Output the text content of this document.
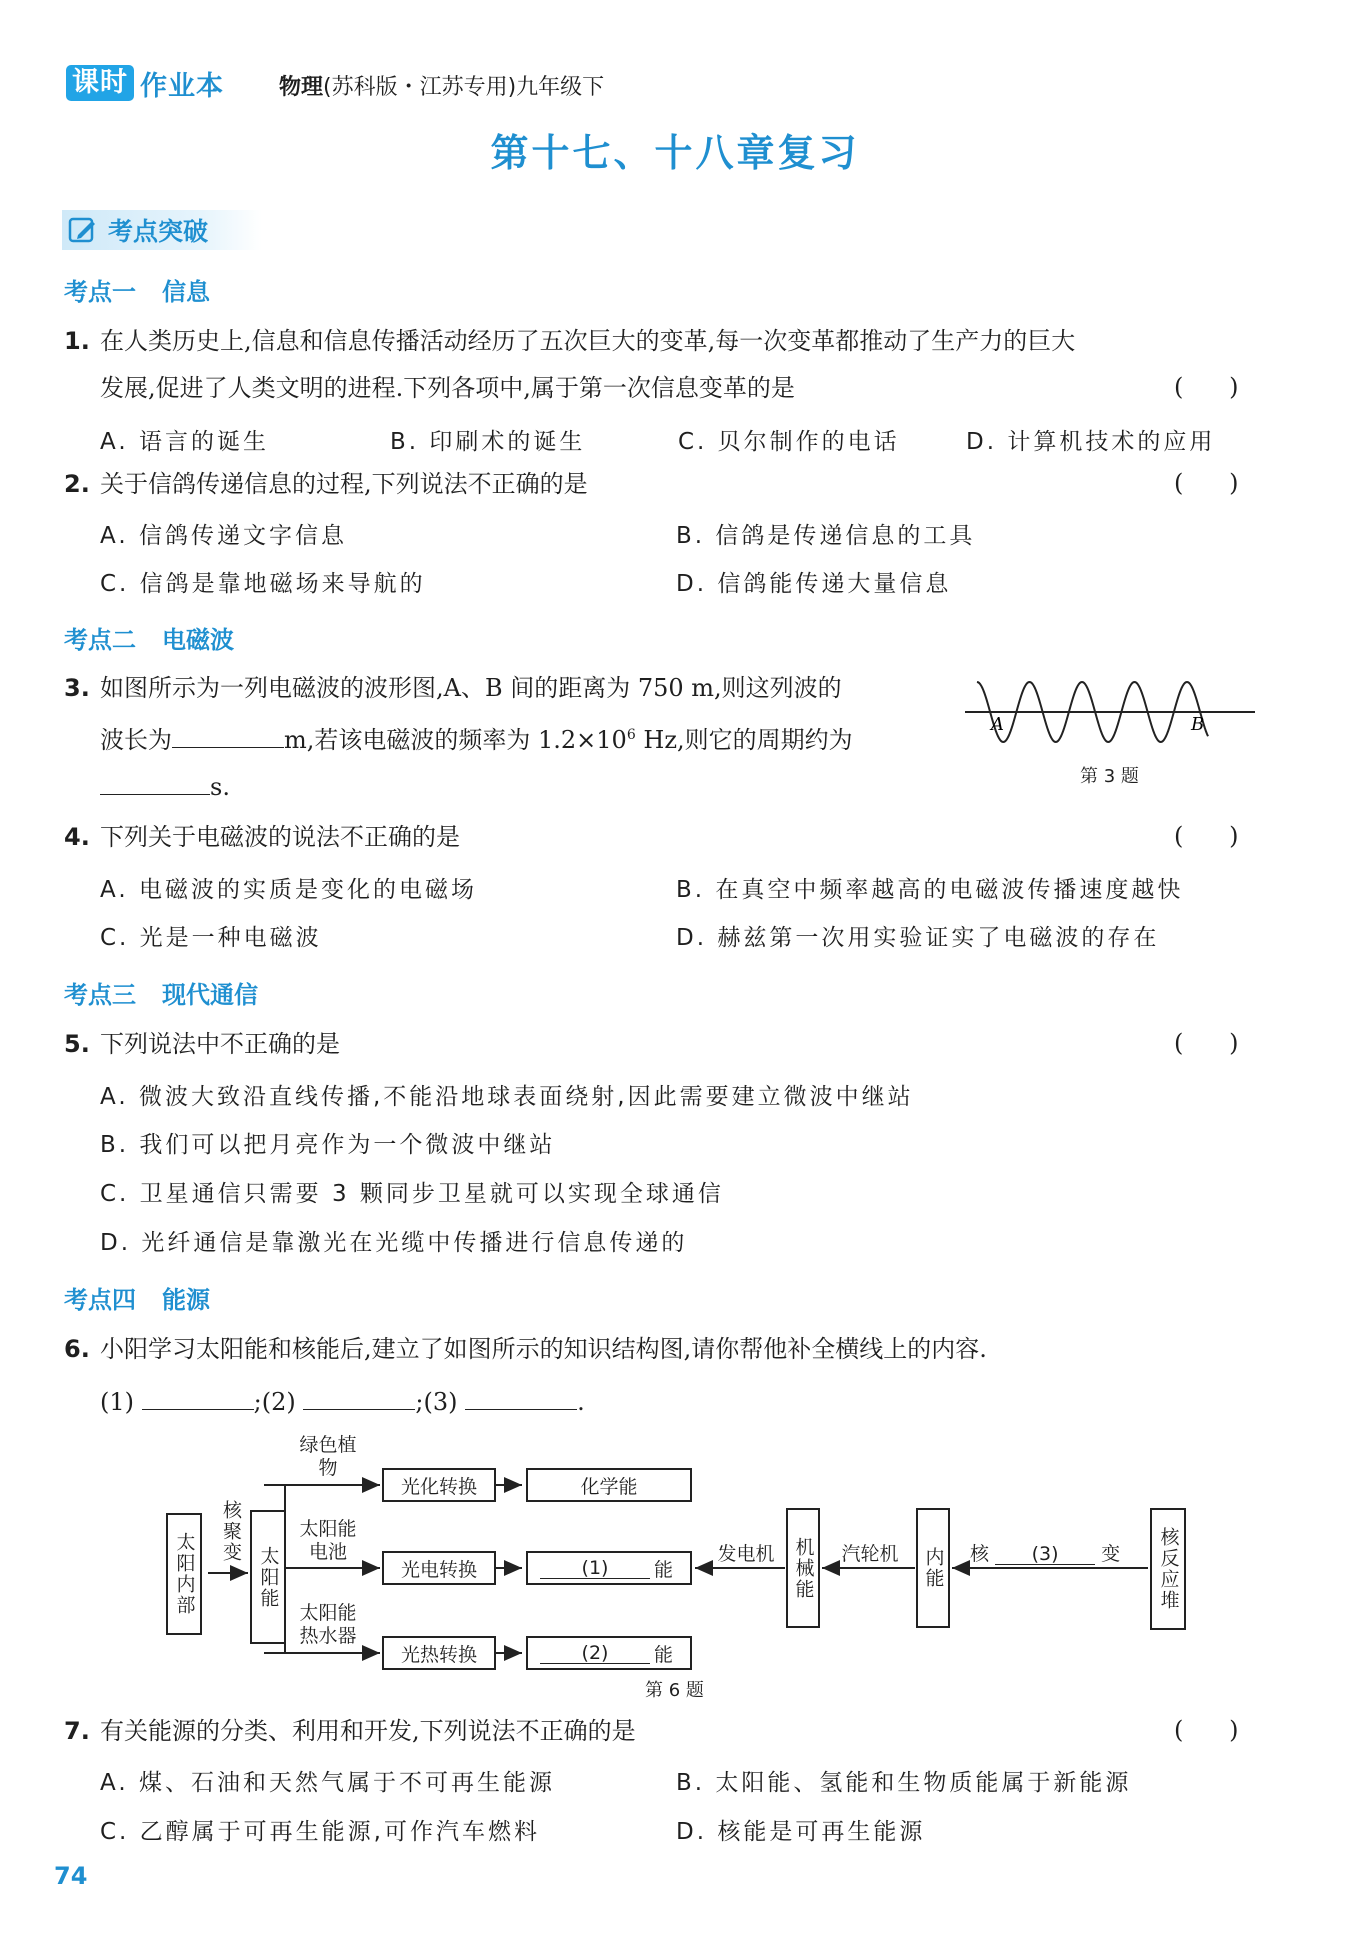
课时 作业本	物理(苏科版・江苏专用)九年级下
第十七、十八章复习
考点突破
考点一 信息
1. 在人类历史上,信息和信息传播活动经历了五次巨大的变革,每一次变革都推动了生产力的巨大
发展,促进了人类文明的进程.下列各项中,属于第一次信息变革的是	(      )
A. 语言的诞生	B. 印刷术的诞生	C. 贝尔制作的电话	D. 计算机技术的应用
2. 关于信鸽传递信息的过程,下列说法不正确的是	(      )
A. 信鸽传递文字信息	B. 信鸽是传递信息的工具
C. 信鸽是靠地磁场来导航的	D. 信鸽能传递大量信息
考点二 电磁波
3. 如图所示为一列电磁波的波形图,A、B 间的距离为 750 m,则这列波的
波长为	m,若该电磁波的频率为 $1.2\times 10^6$ Hz,则它的周期约为
s.
A	B
第 3 题
4. 下列关于电磁波的说法不正确的是	(      )
A. 电磁波的实质是变化的电磁场	B. 在真空中频率越高的电磁波传播速度越快
C. 光是一种电磁波	D. 赫兹第一次用实验证实了电磁波的存在
考点三 现代通信
5. 下列说法中不正确的是	(      )
A. 微波大致沿直线传播,不能沿地球表面绕射,因此需要建立微波中继站
B. 我们可以把月亮作为一个微波中继站
C. 卫星通信只需要 3 颗同步卫星就可以实现全球通信
D. 光纤通信是靠激光在光缆中传播进行信息传递的
考点四 能源
6. 小阳学习太阳能和核能后,建立了如图所示的知识结构图,请你帮他补全横线上的内容.
(1)	;(2)	;(3)	.
太阳内部
核聚变
太阳能
绿色植物
太阳能电池
太阳能热水器
光化转换
光电转换
光热转换
化学能
(1)	能
(2)	能
发电机 机械能	汽轮机	内能 核 (3) 变	核反应堆
第 6 题
7. 有关能源的分类、利用和开发,下列说法不正确的是	(      )
A. 煤、石油和天然气属于不可再生能源	B. 太阳能、氢能和生物质能属于新能源
C. 乙醇属于可再生能源,可作汽车燃料	D. 核能是可再生能源
74
